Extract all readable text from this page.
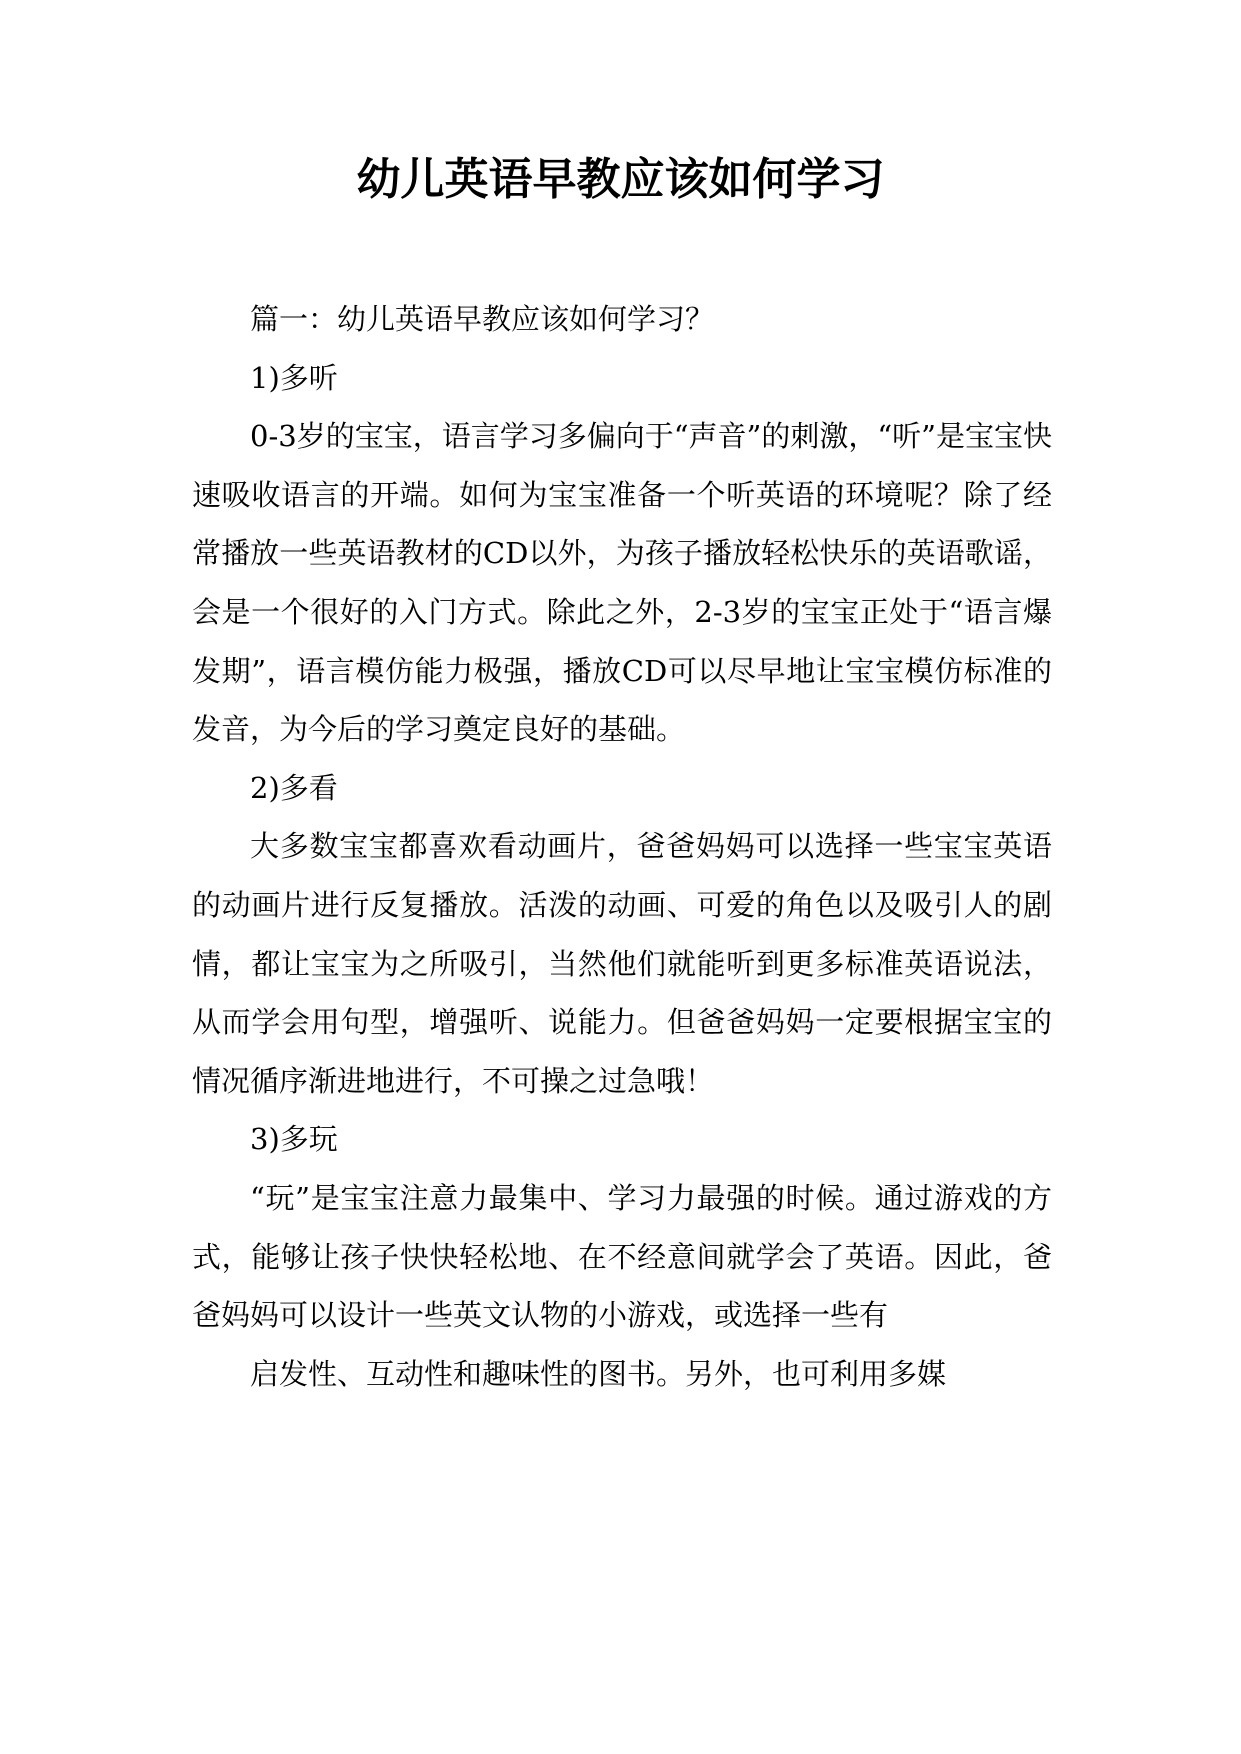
幼儿英语早教应该如何学习

篇一：幼儿英语早教应该如何学习？

1)多听

0-3岁的宝宝，语言学习多偏向于“声音”的刺激，“听”是宝宝快速吸收语言的开端。如何为宝宝准备一个听英语的环境呢？除了经常播放一些英语教材的CD以外，为孩子播放轻松快乐的英语歌谣，会是一个很好的入门方式。除此之外，2-3岁的宝宝正处于“语言爆发期”，语言模仿能力极强，播放CD可以尽早地让宝宝模仿标准的发音，为今后的学习奠定良好的基础。

2)多看

大多数宝宝都喜欢看动画片，爸爸妈妈可以选择一些宝宝英语的动画片进行反复播放。活泼的动画、可爱的角色以及吸引人的剧情，都让宝宝为之所吸引，当然他们就能听到更多标准英语说法，从而学会用句型，增强听、说能力。但爸爸妈妈一定要根据宝宝的情况循序渐进地进行，不可操之过急哦！

3)多玩

“玩”是宝宝注意力最集中、学习力最强的时候。通过游戏的方式，能够让孩子快快轻松地、在不经意间就学会了英语。因此，爸爸妈妈可以设计一些英文认物的小游戏，或选择一些有

启发性、互动性和趣味性的图书。另外，也可利用多媒
